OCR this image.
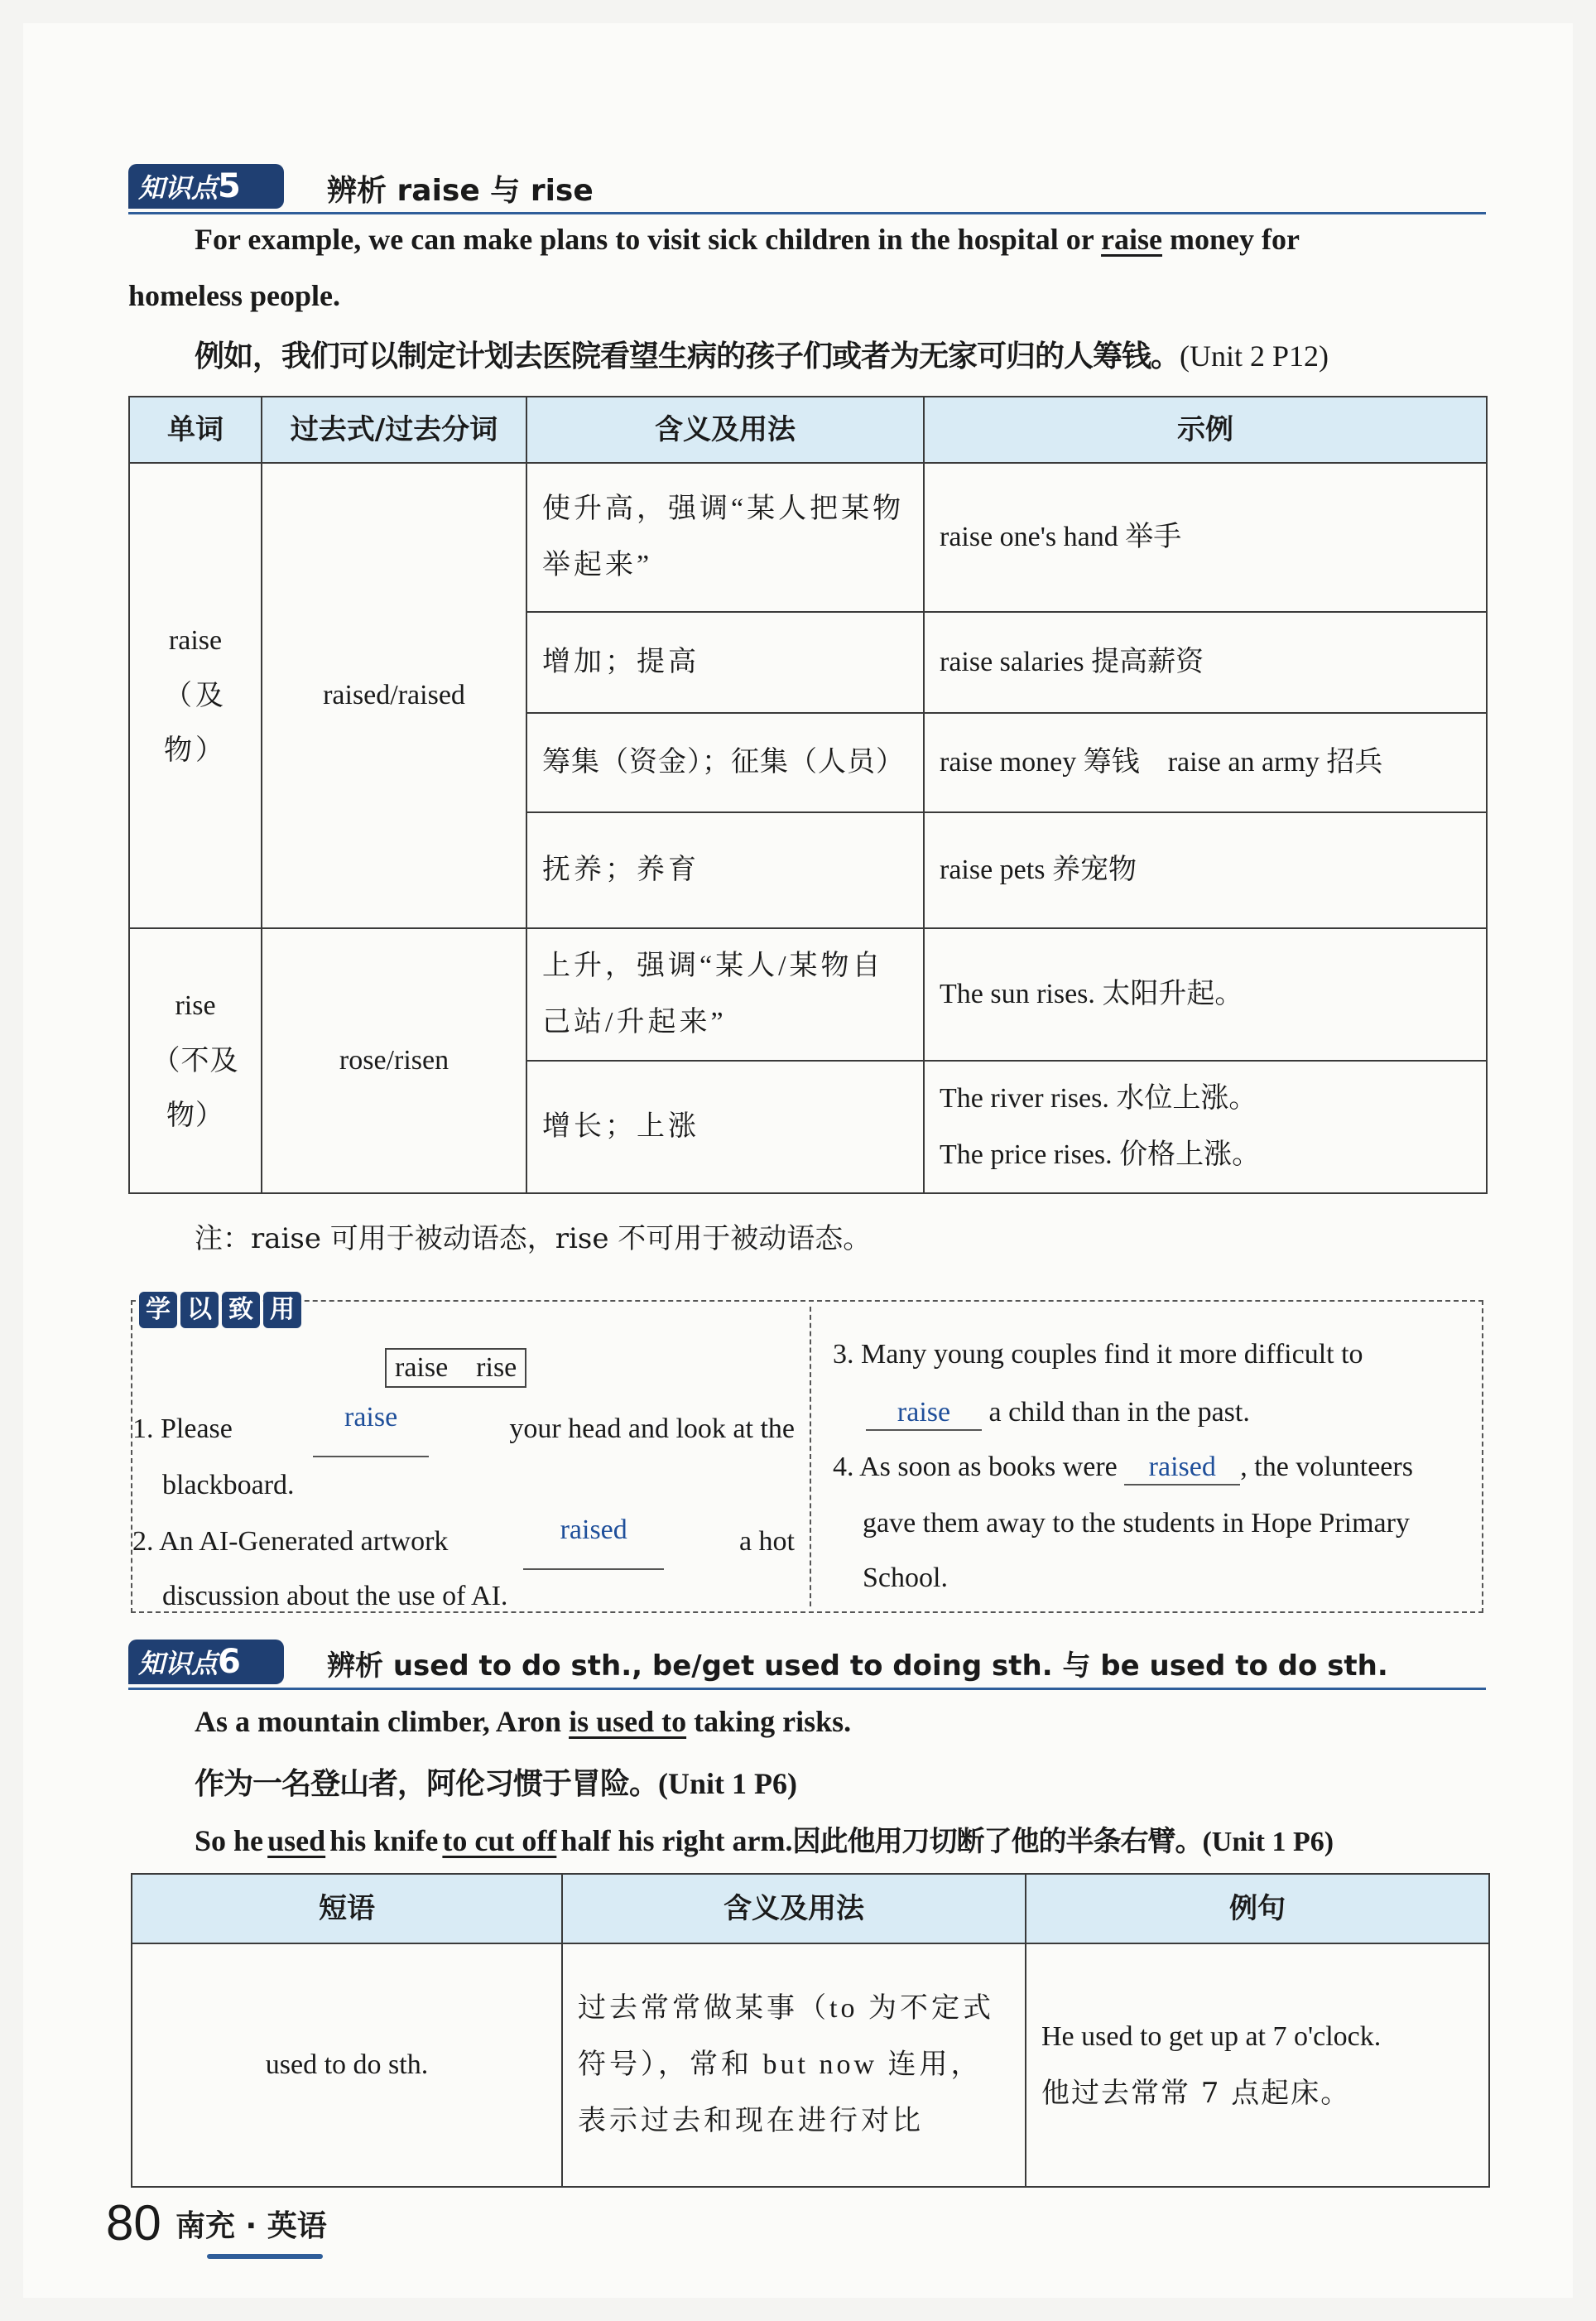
知识点5	辨析 raise 与 rise
For example, we can make plans to visit sick children in the hospital or raise money for
homeless people.
例如，我们可以制定计划去医院看望生病的孩子们或者为无家可归的人筹钱。(Unit 2 P12)
单词	过去式/过去分词	含义及用法	示例

raise
（及物）	raised/raised	使升高，强调“某人把某物举起来”	raise one's hand 举手
		增加；提高	raise salaries 提高薪资
		筹集（资金）；征集（人员）	raise money 筹钱　raise an army 招兵
		抚养；养育	raise pets 养宠物

rise
（不及物）	rose/risen	上升，强调“某人/某物自己站/升起来”	The sun rises. 太阳升起。
		增长；上涨	The river rises. 水位上涨。
The price rises. 价格上涨。
注：raise 可用于被动语态，rise 不可用于被动语态。
学 以 致 用
raise　rise
1. Please	raise	your head and look at the
blackboard.
2. An AI-Generated artwork	raised	a hot
discussion about the use of AI.
3. Many young couples find it more difficult to
raise a child than in the past.
4. As soon as books were raised , the volunteers
gave them away to the students in Hope Primary
School.
知识点6	辨析 used to do sth., be/get used to doing sth. 与 be used to do sth.
As a mountain climber, Aron is used to taking risks.
作为一名登山者，阿伦习惯于冒险。(Unit 1 P6)
So he used his knife to cut off half his right arm.因此他用刀切断了他的半条右臂。(Unit 1 P6)
短语	含义及用法	例句
used to do sth.	过去常常做某事（to 为不定式符号），常和 but now 连用，表示过去和现在进行对比	He used to get up at 7 o'clock.
他过去常常 7 点起床。
80 南充 · 英语
